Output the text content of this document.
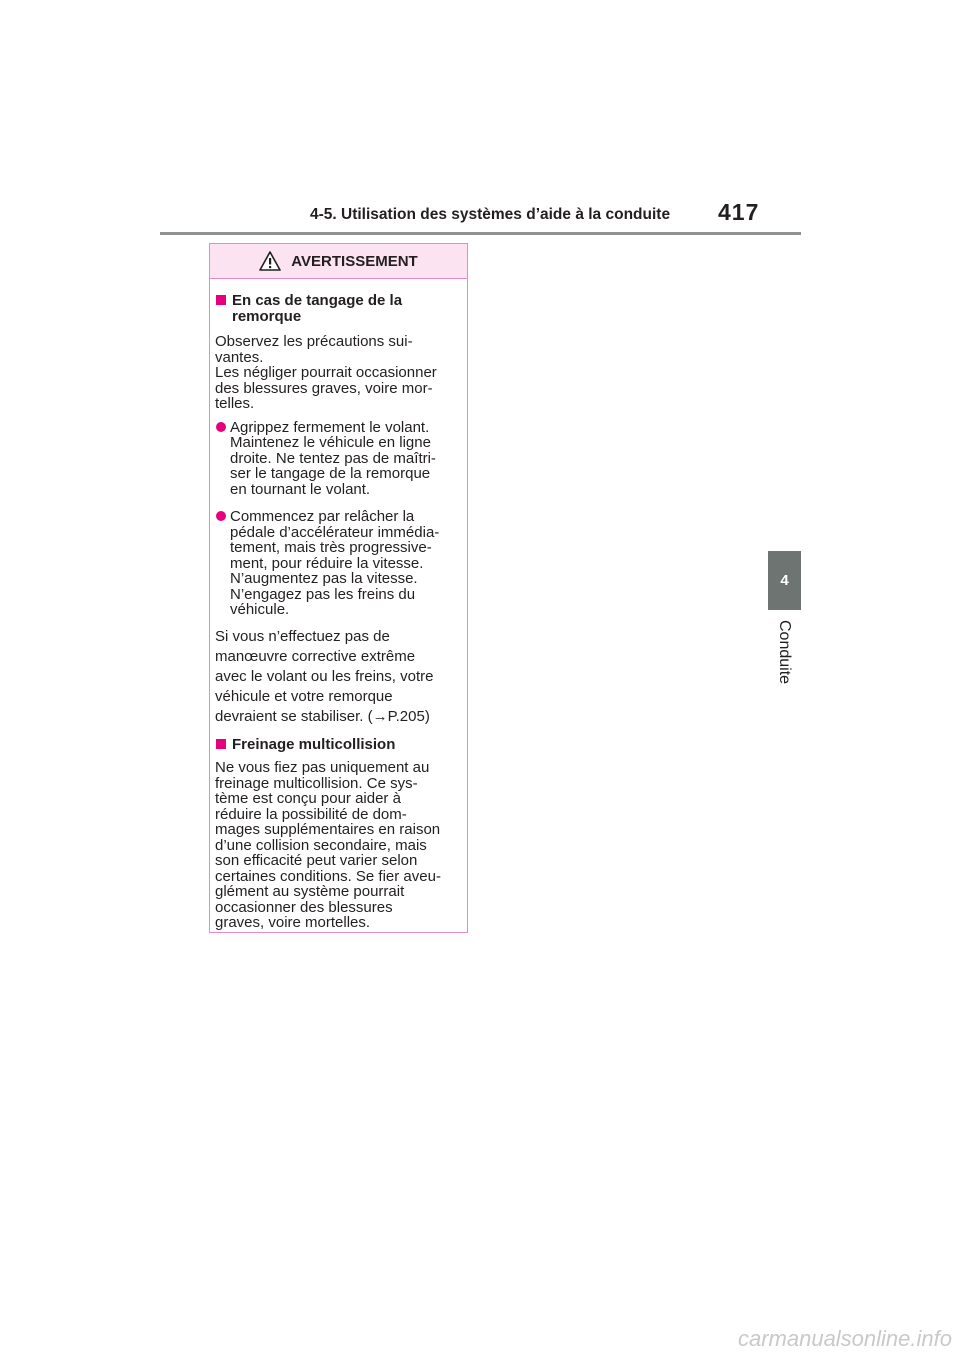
4-5. Utilisation des systèmes d’aide à la conduite 417
4
Conduite
AVERTISSEMENT
En cas de tangage de la
remorque
Observez les précautions sui-
vantes.
Les négliger pourrait occasionner
des blessures graves, voire mor-
telles.
Agrippez fermement le volant.
Maintenez le véhicule en ligne
droite. Ne tentez pas de maîtri-
ser le tangage de la remorque
en tournant le volant.
Commencez par relâcher la
pédale d’accélérateur immédia-
tement, mais très progressive-
ment, pour réduire la vitesse.
N’augmentez pas la vitesse.
N’engagez pas les freins du
véhicule.
Si vous n’effectuez pas de
manœuvre corrective extrême
avec le volant ou les freins, votre
véhicule et votre remorque
devraient se stabiliser. (→P.205)
Freinage multicollision
Ne vous fiez pas uniquement au
freinage multicollision. Ce sys-
tème est conçu pour aider à
réduire la possibilité de dom-
mages supplémentaires en raison
d’une collision secondaire, mais
son efficacité peut varier selon
certaines conditions. Se fier aveu-
glément au système pourrait
occasionner des blessures
graves, voire mortelles.
carmanualsonline.info
